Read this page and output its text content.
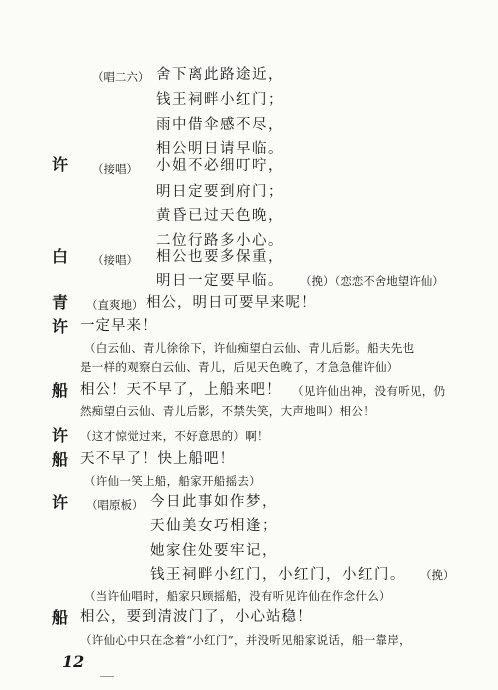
（唱二六） 舍下离此路途近，
钱王祠畔小红门；
雨中借伞感不尽，
相公明日请早临。
许 （接唱） 小姐不必细叮咛，
明日定要到府门；
黄昏已过天色晚，
二位行路多小心。
白 （接唱） 相公也要多保重，
明日一定要早临。 （挽）（恋恋不舍地望许仙）
青 （直爽地） 相公，明日可要早来呢！
许 一定早来！
（白云仙、青儿徐徐下，许仙痴望白云仙、青儿后影。船夫先也
是一样的观察白云仙、青儿，后见天色晚了，才急急催许仙）
船 相公！天不早了，上船来吧！ （见许仙出神，没有听见，仍
然痴望白云仙、青儿后影，不禁失笑，大声地叫）相公！
许 （这才惊觉过来，不好意思的）啊！
船 天不早了！快上船吧！
（许仙一笑上船，船家开船摇去）
许 （唱原板） 今日此事如作梦，
天仙美女巧相逢；
她家住处要牢记，
钱王祠畔小红门，小红门，小红门。 （挽）
（当许仙唱时，船家只顾摇船，没有听见许仙在作念什么）
船 相公，要到清波门了，小心站稳！
（许仙心中只在念着“小红门”，并没听见船家说话，船一靠岸，
12
